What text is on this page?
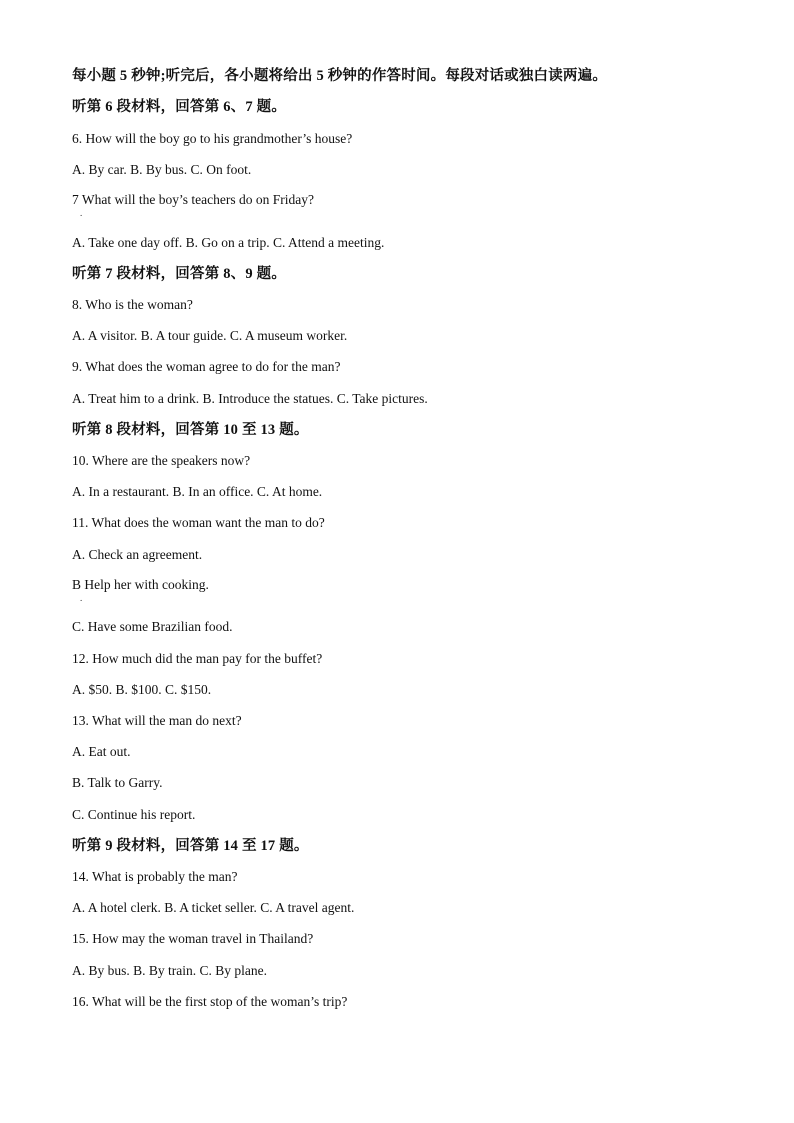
每小题 5 秒钟;听完后，各小题将给出 5 秒钟的作答时间。每段对话或独白读两遍。
听第 6 段材料，回答第 6、7 题。
6. How will the boy go to his grandmother’s house?
A. By car. B. By bus. C. On foot.
7 What will the boy’s teachers do on Friday?
.
A. Take one day off. B. Go on a trip. C. Attend a meeting.
听第 7 段材料，回答第 8、9 题。
8. Who is the woman?
A. A visitor. B. A tour guide. C. A museum worker.
9. What does the woman agree to do for the man?
A. Treat him to a drink. B. Introduce the statues. C. Take pictures.
听第 8 段材料，回答第 10 至 13 题。
10. Where are the speakers now?
A. In a restaurant. B. In an office. C. At home.
11. What does the woman want the man to do?
A. Check an agreement.
B Help her with cooking.
.
C. Have some Brazilian food.
12. How much did the man pay for the buffet?
A. $50. B. $100. C. $150.
13. What will the man do next?
A. Eat out.
B. Talk to Garry.
C. Continue his report.
听第 9 段材料，回答第 14 至 17 题。
14. What is probably the man?
A. A hotel clerk. B. A ticket seller. C. A travel agent.
15. How may the woman travel in Thailand?
A. By bus. B. By train. C. By plane.
16. What will be the first stop of the woman’s trip?
